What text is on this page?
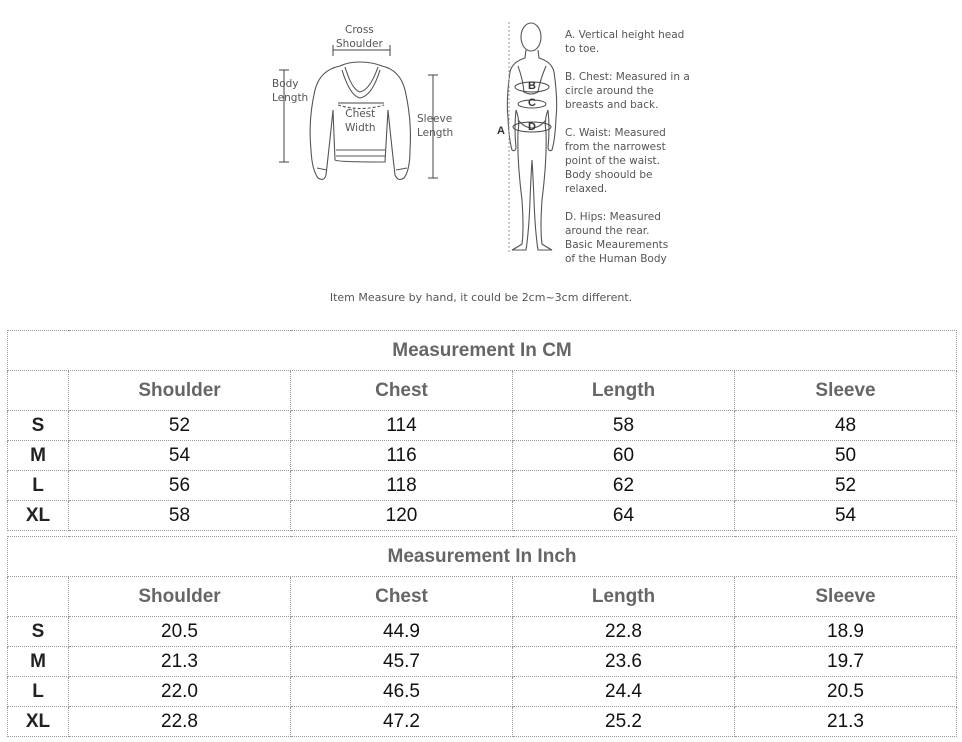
Cross
Shoulder
Body
Length
Chest
Width
Sleeve
Length
B
C
A D
A. Vertical height head
to toe.
B. Chest: Measured in a
circle around the
breasts and back.
C. Waist: Measured
from the narrowest
point of the waist.
Body shoould be
relaxed.
D. Hips: Measured
around the rear.
Basic Meaurements
of the Human Body
Item Measure by hand, it could be 2cm~3cm different.
Measurement In CM				
	Shoulder	Chest	Length	Sleeve
S	52	114	58	48
M	54	116	60	50
L	56	118	62	52
XL	58	120	64	54
Measurement In Inch				
	Shoulder	Chest	Length	Sleeve
S	20.5	44.9	22.8	18.9
M	21.3	45.7	23.6	19.7
L	22.0	46.5	24.4	20.5
XL	22.8	47.2	25.2	21.3
